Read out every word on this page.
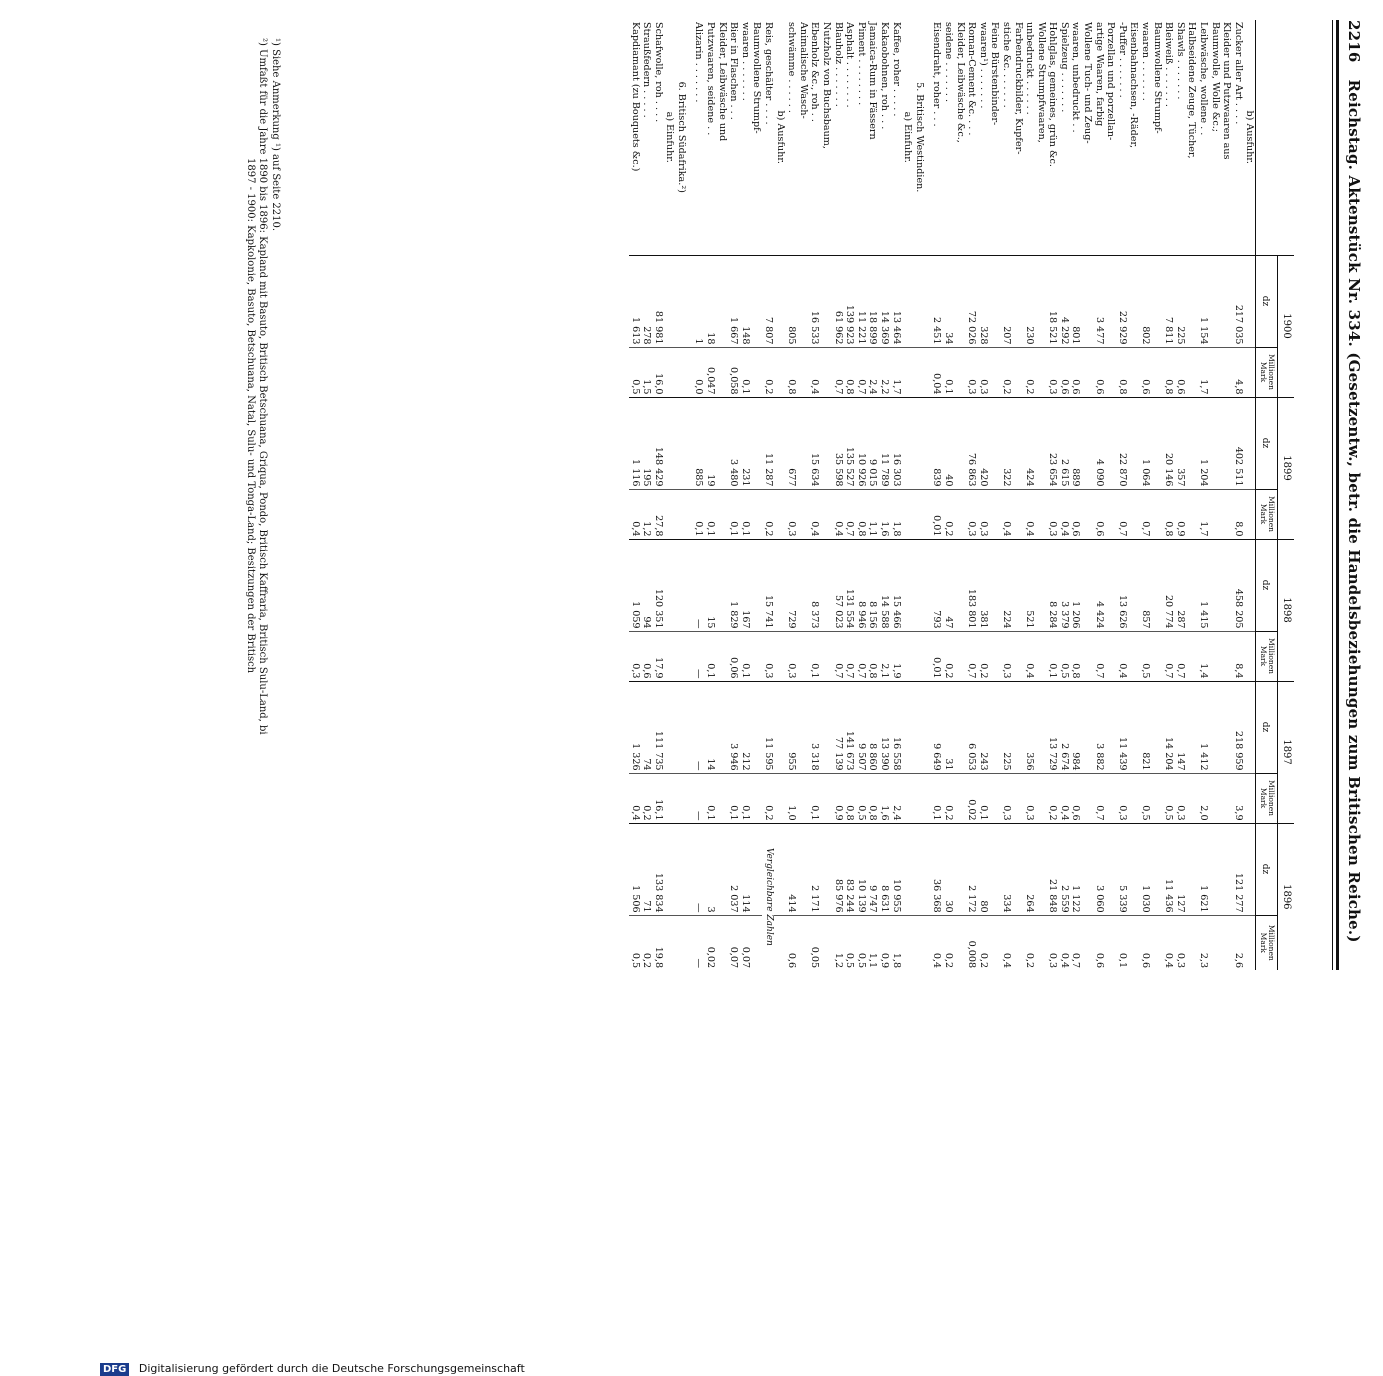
2216 Reichstag. Aktenstück Nr. 334. (Gesetzentw., betr. die Handelsbeziehungen zum Britischen Reiche.)
	1900		1899		1898		1897		1896	
	dz	Millionen Mark	dz	Millionen Mark	dz	Millionen Mark	dz	Millionen Mark	dz	Millionen Mark
b) Ausfuhr.										
Zucker aller Art . . . .	217 035	4,8	402 511	8,0	458 205	8,4	218 959	3,9	121 277	2,6
Kleider und Putzwaaren aus										
Baumwolle, Wolle &c.;										
Leibwäsche, wollene . .	1 154	1,7	1 204	1,7	1 415	1,4	1 412	2,0	1 621	2,3
Halbseidene Zeuge, Tücher,										
Shawls . . . . . . .	225	0,6	357	0,9	287	0,7	147	0,3	127	0,3
Bleiweiß . . . . . . .	7 811	0,8	20 146	0,8	20 774	0,7	14 204	0,5	11 436	0,4
Baumwollene Strumpf-										
waaren . . . . . . .	802	0,6	1 064	0,7	857	0,5	821	0,5	1 030	0,6
Eisenbahnachsen, -Räder,										
-Puffer . . . . . . .	22 929	0,8	22 870	0,7	13 626	0,4	11 439	0,3	5 339	0,1
Porzellan und porzellan-										
artige Waaren, farbig	3 477	0,6	4 090	0,6	4 424	0,7	3 882	0,7	3 060	0,6
Wollene Tuch- und Zeug-										
waaren, unbedruckt . .	801	0,6	889	0,6	1 206	0,8	984	0,6	1 122	0,7
Spielzeug . . . . . . .	4 292	0,6	2 615	0,4	3 379	0,5	2 674	0,4	2 559	0,4
Hohlglas, gemeines, grün &c.	18 521	0,3	23 654	0,3	8 284	0,1	13 729	0,2	21 848	0,3
Wollene Strumpfwaaren,										
unbedruckt . . . . . .	230	0,2	424	0,4	521	0,4	356	0,3	264	0,2
Farbendruckbilder, Kupfer-										
stiche &c. . . . . . .	207	0,2	322	0,4	224	0,3	225	0,3	334	0,4
Feine Bürstenbinder-										
waaren¹) . . . . . . .	328	0,3	420	0,3	381	0,2	243	0,1	80	0,2
Roman-Cement &c. . . .	72 026	0,3	76 863	0,3	183 801	0,7	6 053	0,02	2 172	0,008
Kleider, Leibwäsche &c.,										
seidene . . . . . . .	34	0,1	40	0,2	47	0,2	31	0,2	30	0,2
Eisendraht, roher . . .	2 451	0,04	839	0,01	793	0,01	9 649	0,1	36 368	0,4

5. Britisch Westindien.										
a) Einfuhr.										
Kaffee, roher . . . . .	13 464	1,7	16 303	1,8	15 466	1,9	16 558	2,4	10 955	1,8
Kakaobohnen, roh . . .	14 369	2,2	11 789	1,6	14 588	2,1	13 390	1,6	8 631	0,9
Jamaica-Rum in Fässern	18 899	2,4	9 015	1,1	8 156	0,8	8 860	0,8	9 747	1,1
Piment . . . . . . . .	11 221	0,7	10 926	0,8	8 946	0,7	9 507	0,5	10 139	0,5
Asphalt . . . . . . . .	139 923	0,8	135 527	0,7	131 554	0,7	141 673	0,8	83 244	0,5
Blauholz . . . . . . .	61 962	0,7	35 598	0,4	57 023	0,7	77 139	0,9	85 976	1,2
Nutzholz von Buchsbaum,										
Ebenholz &c., roh . .	16 533	0,4	15 634	0,4	8 373	0,1	3 318	0,1	2 171	0,05
Animalische Wasch-										
schwämme . . . . . .	805	0,8	677	0,3	729	0,3	955	1,0	414	0,6
b) Ausfuhr.										
Reis, geschälter . . . .	7 807	0,2	11 287	0,2	15 741	0,3	11 595	0,2	Vergleichbare Zahlen	
Baumwollene Strumpf-										
waaren . . . . . . .	148	0,1	231	0,1	167	0,1	212	0,1	114	0,07
Bier in Flaschen . . .	1 667	0,058	3 480	0,1	1 829	0,06	3 946	0,1	2 037	0,07
Kleider, Leibwäsche und										
Putzwaaren, seidene . .	18	0,047	19	0,1	15	0,1	14	0,1	3	0,02
Alizarin . . . . . . .	1	0,0	885	0,1	—	—	—	—	—	—

6. Britisch Südafrika.²)										
a) Einfuhr.										
Schafwolle, roh . . . .	81 981	16,0	148 429	27,8	120 351	17,9	111 735	16,1	133 834	19,8
Straußfedern . . . . .	278	1,5	195	1,2	94	0,6	74	0,2	71	0,2
Kapdiamant (zu Bouquets &c.)	1 613	0,5	1 116	0,4	1 059	0,3	1 326	0,4	1 506	0,5

¹) Siehe Anmerkung ¹) auf Seite 2210.

²) Umfaßt für die Jahre 1890 bis 1896: Kapland mit Basuto, Britisch Betschuana, Griqua, Pondo, Britisch Kaffraria, Britisch Sulu-Land, bi

1897 - 1900: Kapkolonie, Basuto, Betschuana, Natal, Sulu- und Tonga-Land; Besitzungen der Britisch

DFG Digitalisierung gefördert durch die Deutsche Forschungsgemeinschaft
